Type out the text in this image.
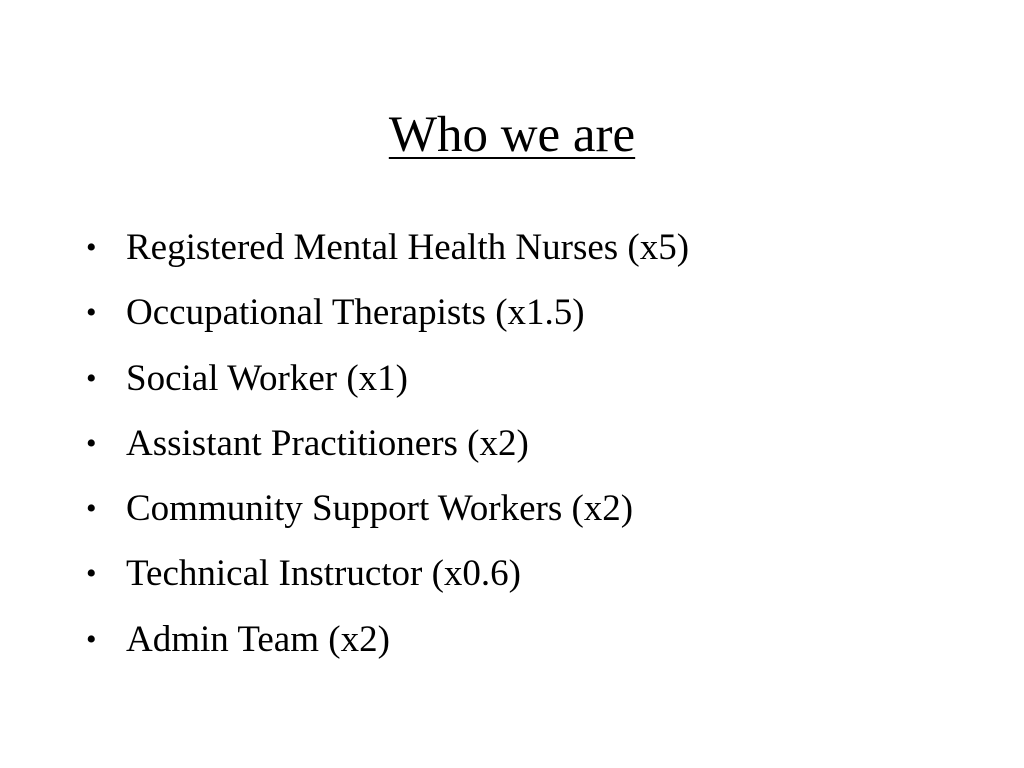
Who we are
• Registered Mental Health Nurses (x5)
• Occupational Therapists (x1.5)
• Social Worker (x1)
• Assistant Practitioners (x2)
• Community Support Workers (x2)
• Technical Instructor (x0.6)
• Admin Team (x2)
